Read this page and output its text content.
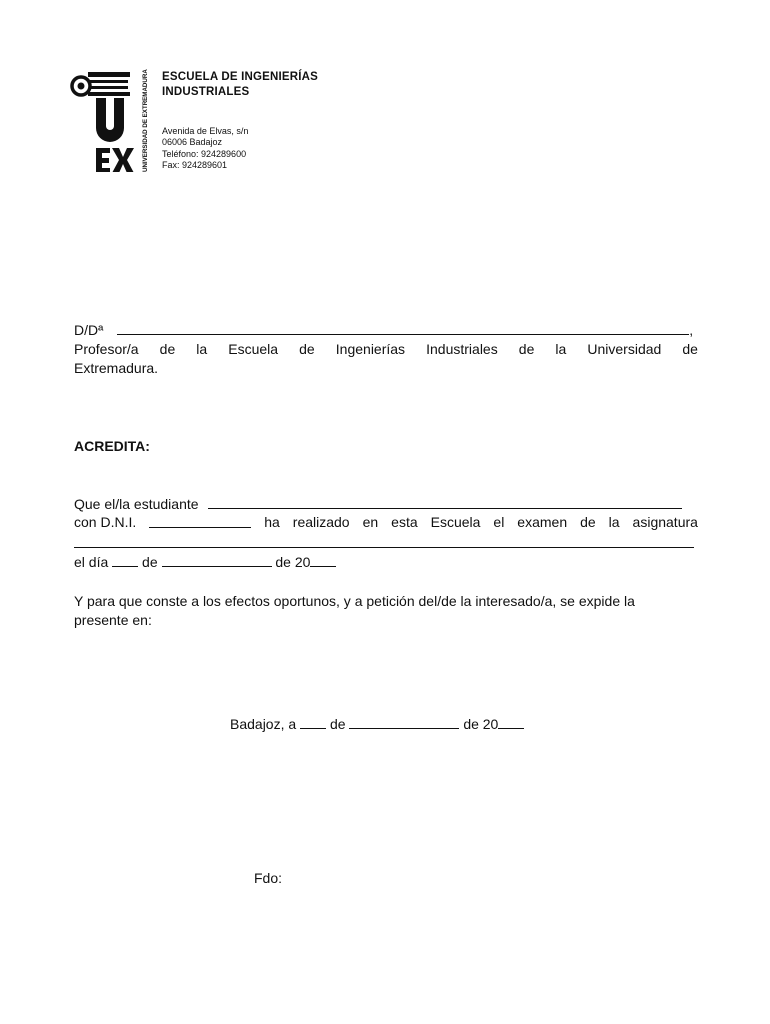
UNIVERSIDAD DE EXTREMADURA ESCUELA DE INGENIERÍAS
INDUSTRIALES
Avenida de Elvas, s/n
06006 Badajoz
Teléfono: 924289600
Fax: 924289601
D/Dª	,
Profesor/a de la Escuela de Ingenierías Industriales de la Universidad de
Extremadura.
ACREDITA:
Que el/la estudiante
con D.N.I.	ha realizado en esta Escuela el examen de la asignatura
el día de	de 20
Y para que conste a los efectos oportunos, y a petición del/de la interesado/a, se expide la
presente en:
Badajoz, a de	de 20
Fdo:
